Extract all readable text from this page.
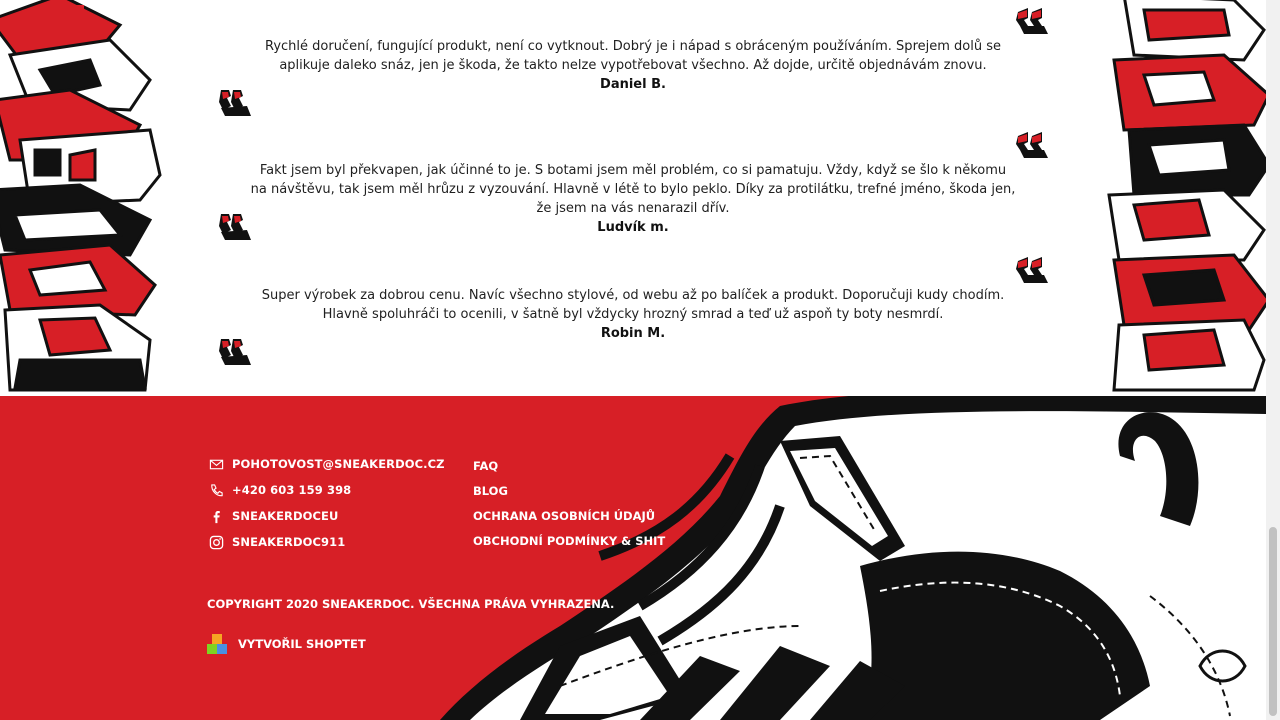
Rychlé doručení, fungující produkt, není co vytknout. Dobrý je i nápad s obráceným používáním. Sprejem dolů se aplikuje daleko snáz, jen je škoda, že takto nelze vypotřebovat všechno. Až dojde, určitě objednávám znovu.
Daniel B.
Fakt jsem byl překvapen, jak účinné to je. S botami jsem měl problém, co si pamatuju. Vždy, když se šlo k někomu na návštěvu, tak jsem měl hrůzu z vyzouvání. Hlavně v létě to bylo peklo. Díky za protilátku, trefné jméno, škoda jen, že jsem na vás nenarazil dřív.
Ludvík m.
Super výrobek za dobrou cenu. Navíc všechno stylové, od webu až po balíček a produkt. Doporučuji kudy chodím. Hlavně spoluhráči to ocenili, v šatně byl vždycky hrozný smrad a teď už aspoň ty boty nesmrdí.
Robin M.
POHOTOVOST@SNEAKERDOC.CZ
+420 603 159 398
SNEAKERDOCEU
SNEAKERDOC911
FAQ
BLOG
OCHRANA OSOBNÍCH ÚDAJŮ
OBCHODNÍ PODMÍNKY & SHIT
COPYRIGHT 2020 SNEAKERDOC. VŠECHNA PRÁVA VYHRAZENA.
VYTVOŘIL SHOPTET
